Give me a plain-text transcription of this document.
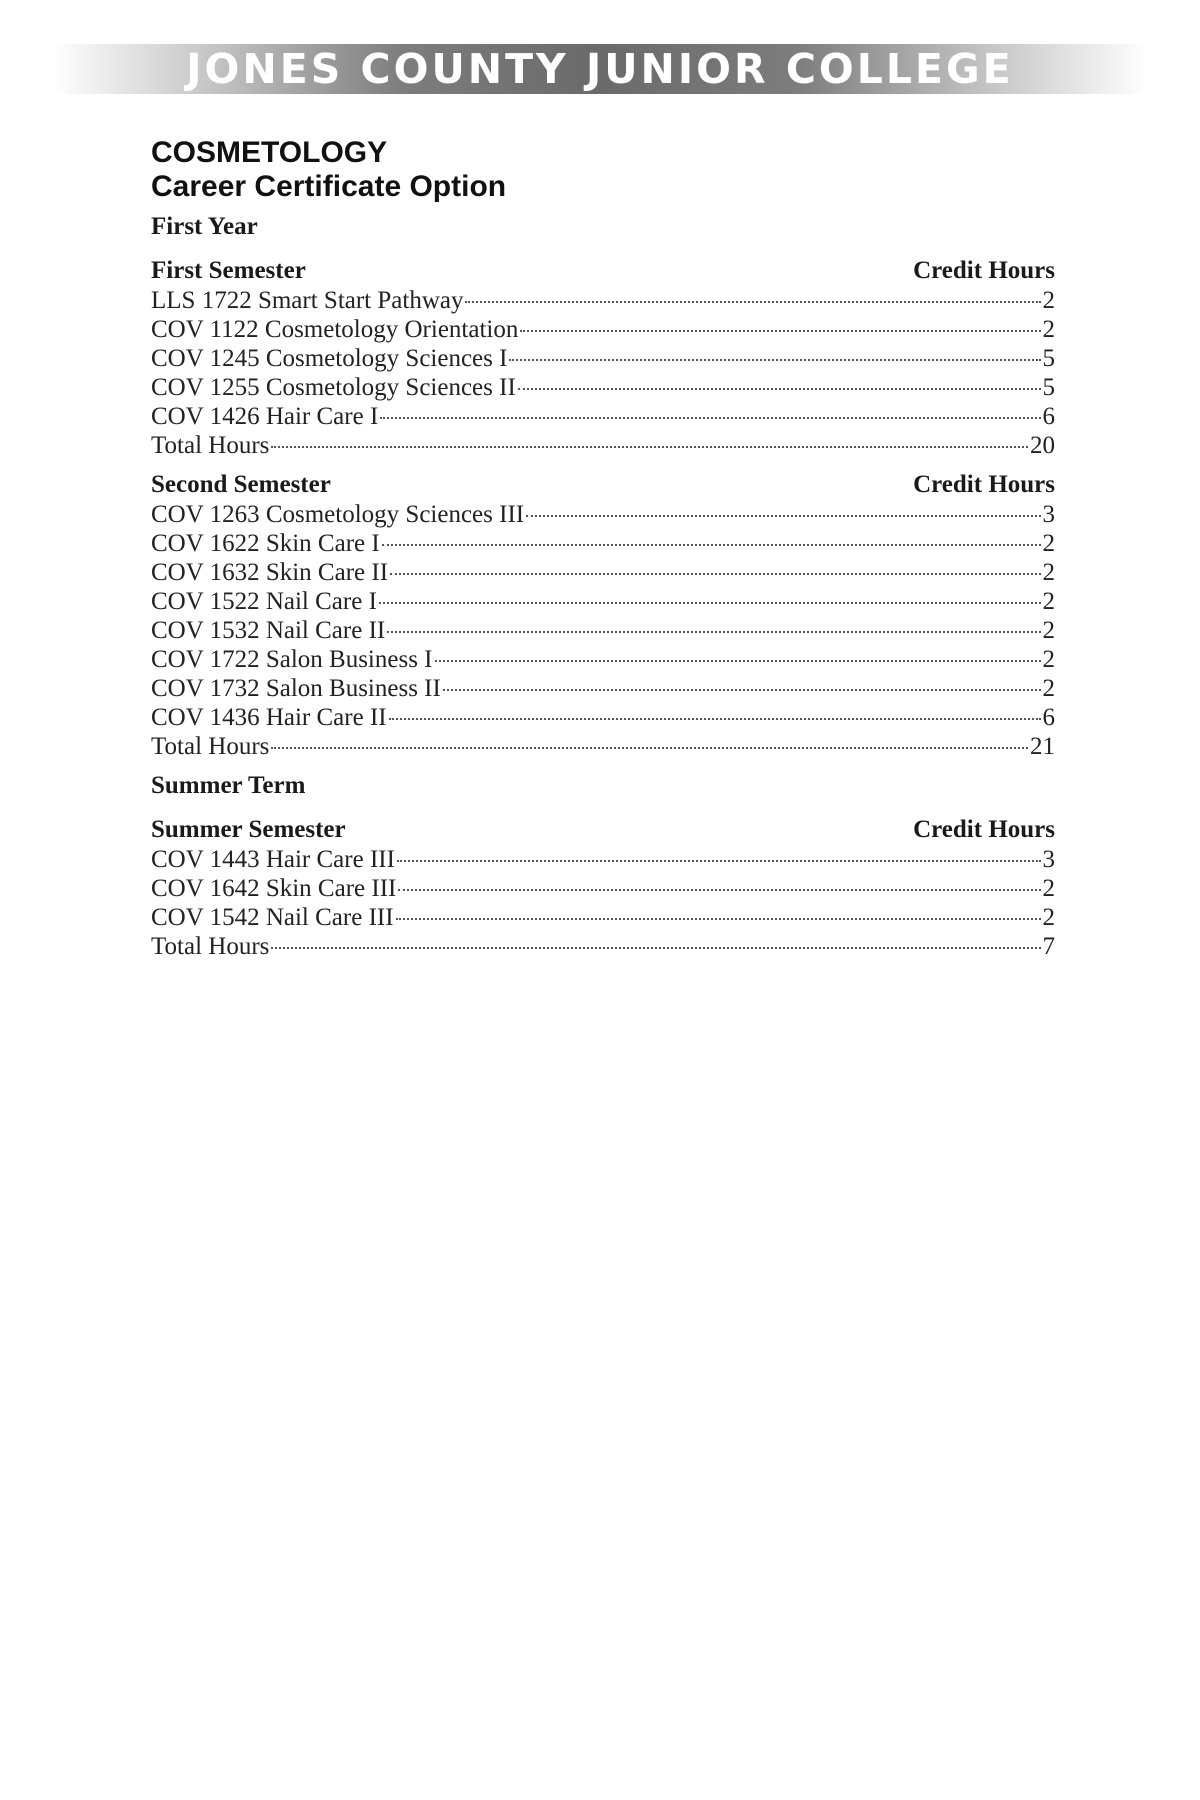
JONES COUNTY JUNIOR COLLEGE
COSMETOLOGY
Career Certificate Option
First Year
First Semester	Credit Hours
LLS 1722 Smart Start Pathway	2
COV 1122 Cosmetology Orientation	2
COV 1245 Cosmetology Sciences I	5
COV 1255 Cosmetology Sciences II	5
COV 1426 Hair Care I	6
Total Hours	20
Second Semester	Credit Hours
COV 1263 Cosmetology Sciences III	3
COV 1622 Skin Care I	2
COV 1632 Skin Care II	2
COV 1522 Nail Care I	2
COV 1532 Nail Care II	2
COV 1722 Salon Business I	2
COV 1732 Salon Business II	2
COV 1436 Hair Care II	6
Total Hours	21
Summer Term
Summer Semester	Credit Hours
COV 1443 Hair Care III	3
COV 1642 Skin Care III	2
COV 1542 Nail Care III	2
Total Hours	7
